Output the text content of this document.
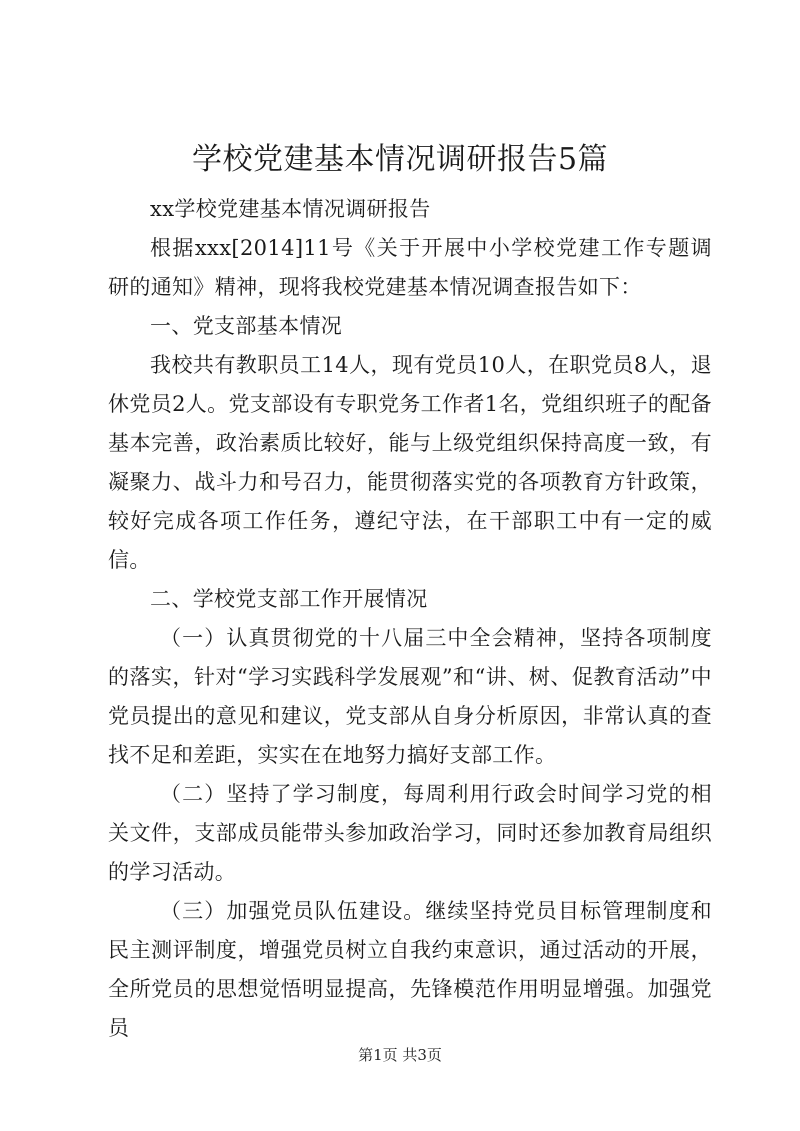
学校党建基本情况调研报告5篇

xx学校党建基本情况调研报告

根据xxx[2014]11号《关于开展中小学校党建工作专题调研的通知》精神，现将我校党建基本情况调查报告如下：

一、党支部基本情况

我校共有教职员工14人，现有党员10人，在职党员8人，退休党员2人。党支部设有专职党务工作者1名，党组织班子的配备基本完善，政治素质比较好，能与上级党组织保持高度一致，有凝聚力、战斗力和号召力，能贯彻落实党的各项教育方针政策，较好完成各项工作任务，遵纪守法，在干部职工中有一定的威信。

二、学校党支部工作开展情况

（一）认真贯彻党的十八届三中全会精神，坚持各项制度的落实，针对“学习实践科学发展观”和“讲、树、促教育活动”中党员提出的意见和建议，党支部从自身分析原因，非常认真的查找不足和差距，实实在在地努力搞好支部工作。

（二）坚持了学习制度，每周利用行政会时间学习党的相关文件，支部成员能带头参加政治学习，同时还参加教育局组织的学习活动。

（三）加强党员队伍建设。继续坚持党员目标管理制度和民主测评制度，增强党员树立自我约束意识，通过活动的开展，全所党员的思想觉悟明显提高，先锋模范作用明显增强。加强党员

第1页 共3页
